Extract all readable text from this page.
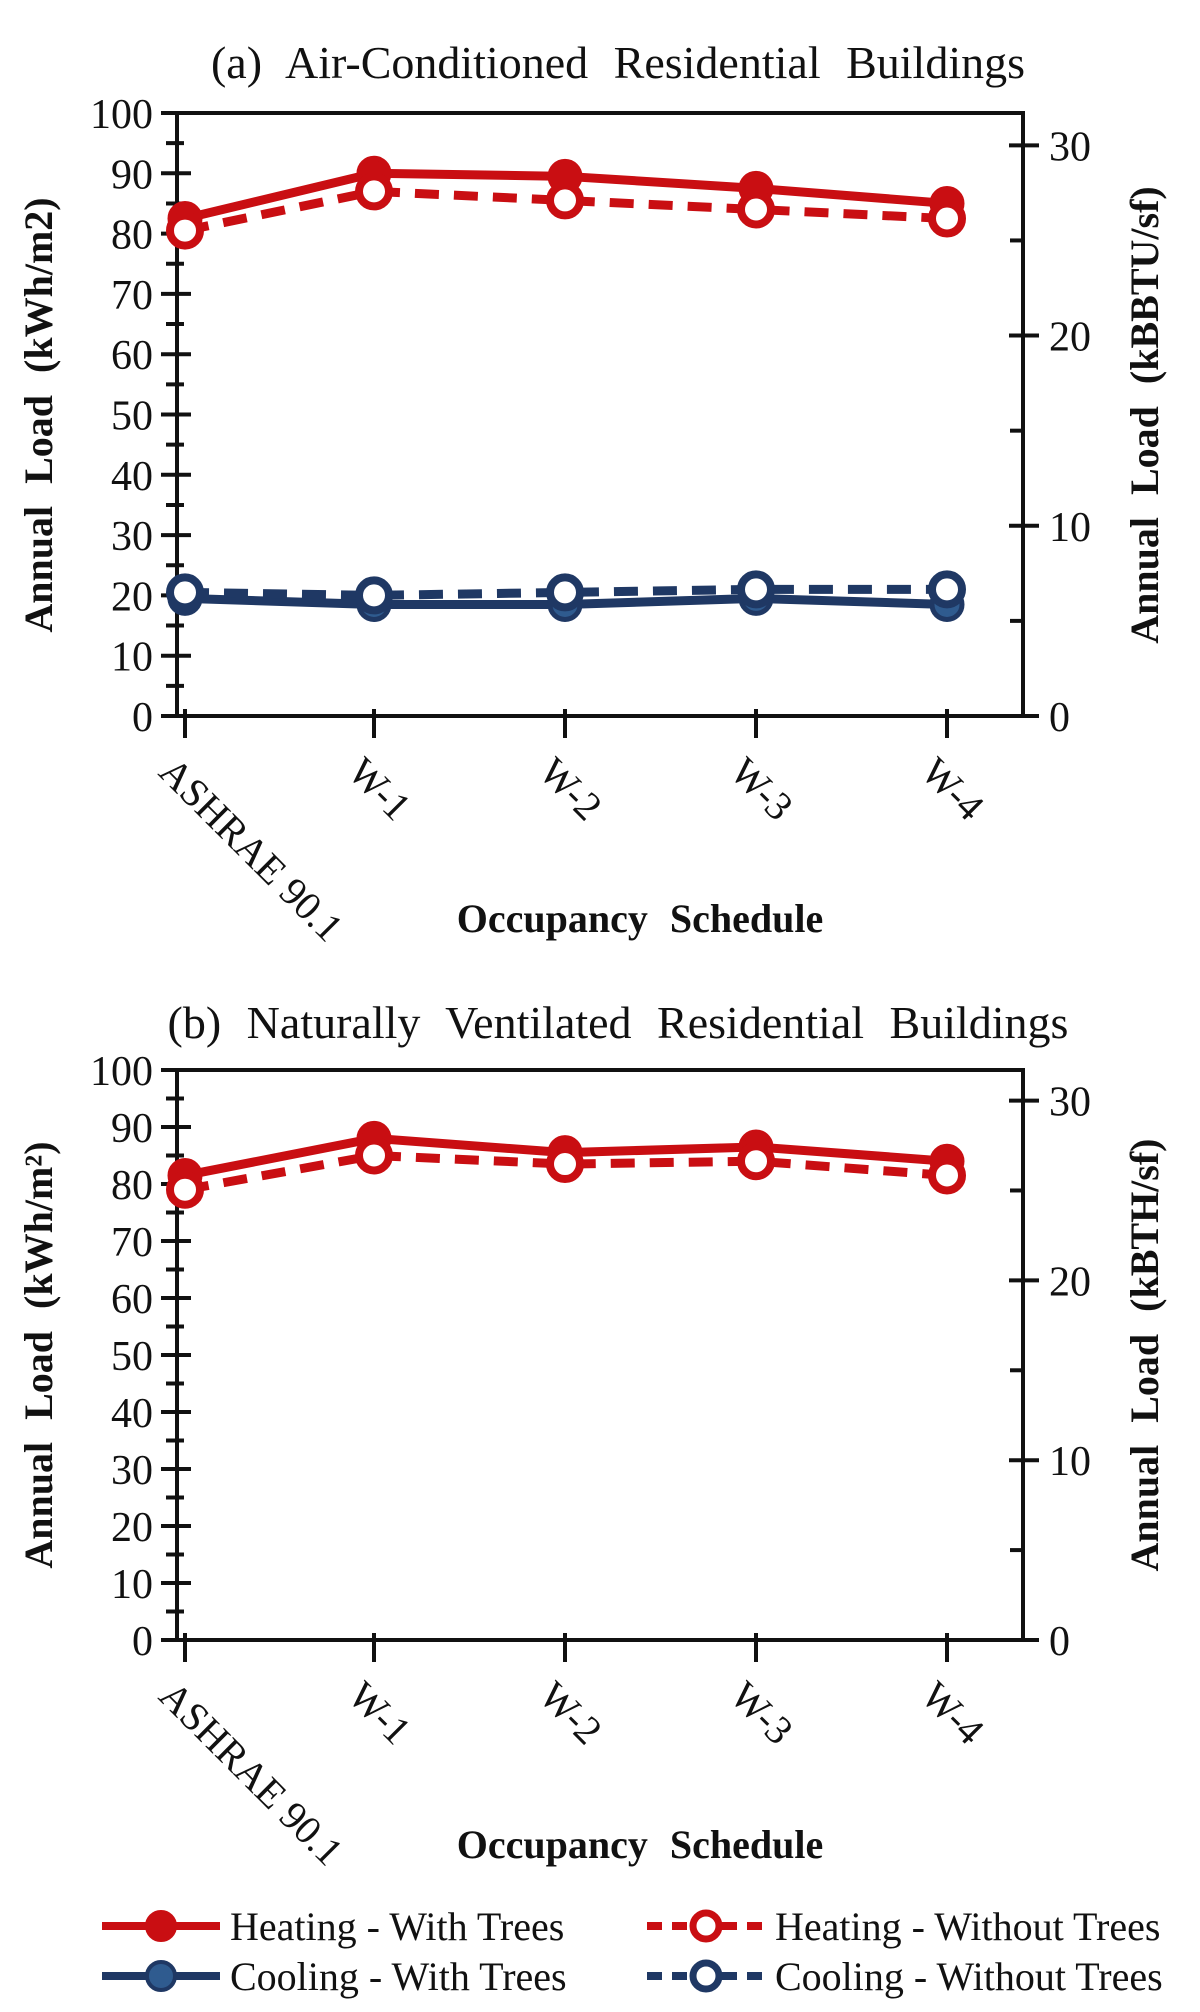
(a) Air-Conditioned Residential Buildings
Occupancy Schedule
Annual Load (kWh/m2)	Annual Load (kBBTU/sf)
0
10
20
30
40
50
60
70
80
90
100
0
10
20
30
ASHRAE 90.1
W-1	W-2	W-3	W-4
(b) Naturally Ventilated Residential Buildings
Occupancy Schedule
Annual Load (kWh/m²)	Annual Load (kBTH/sf)
0
10
20
30
40
50
60
70
80
90
100
0
10
20
30
ASHRAE 90.1
W-1	W-2	W-3	W-4
Heating - With Trees	Heating - Without Trees
Cooling - With Trees	Cooling - Without Trees
